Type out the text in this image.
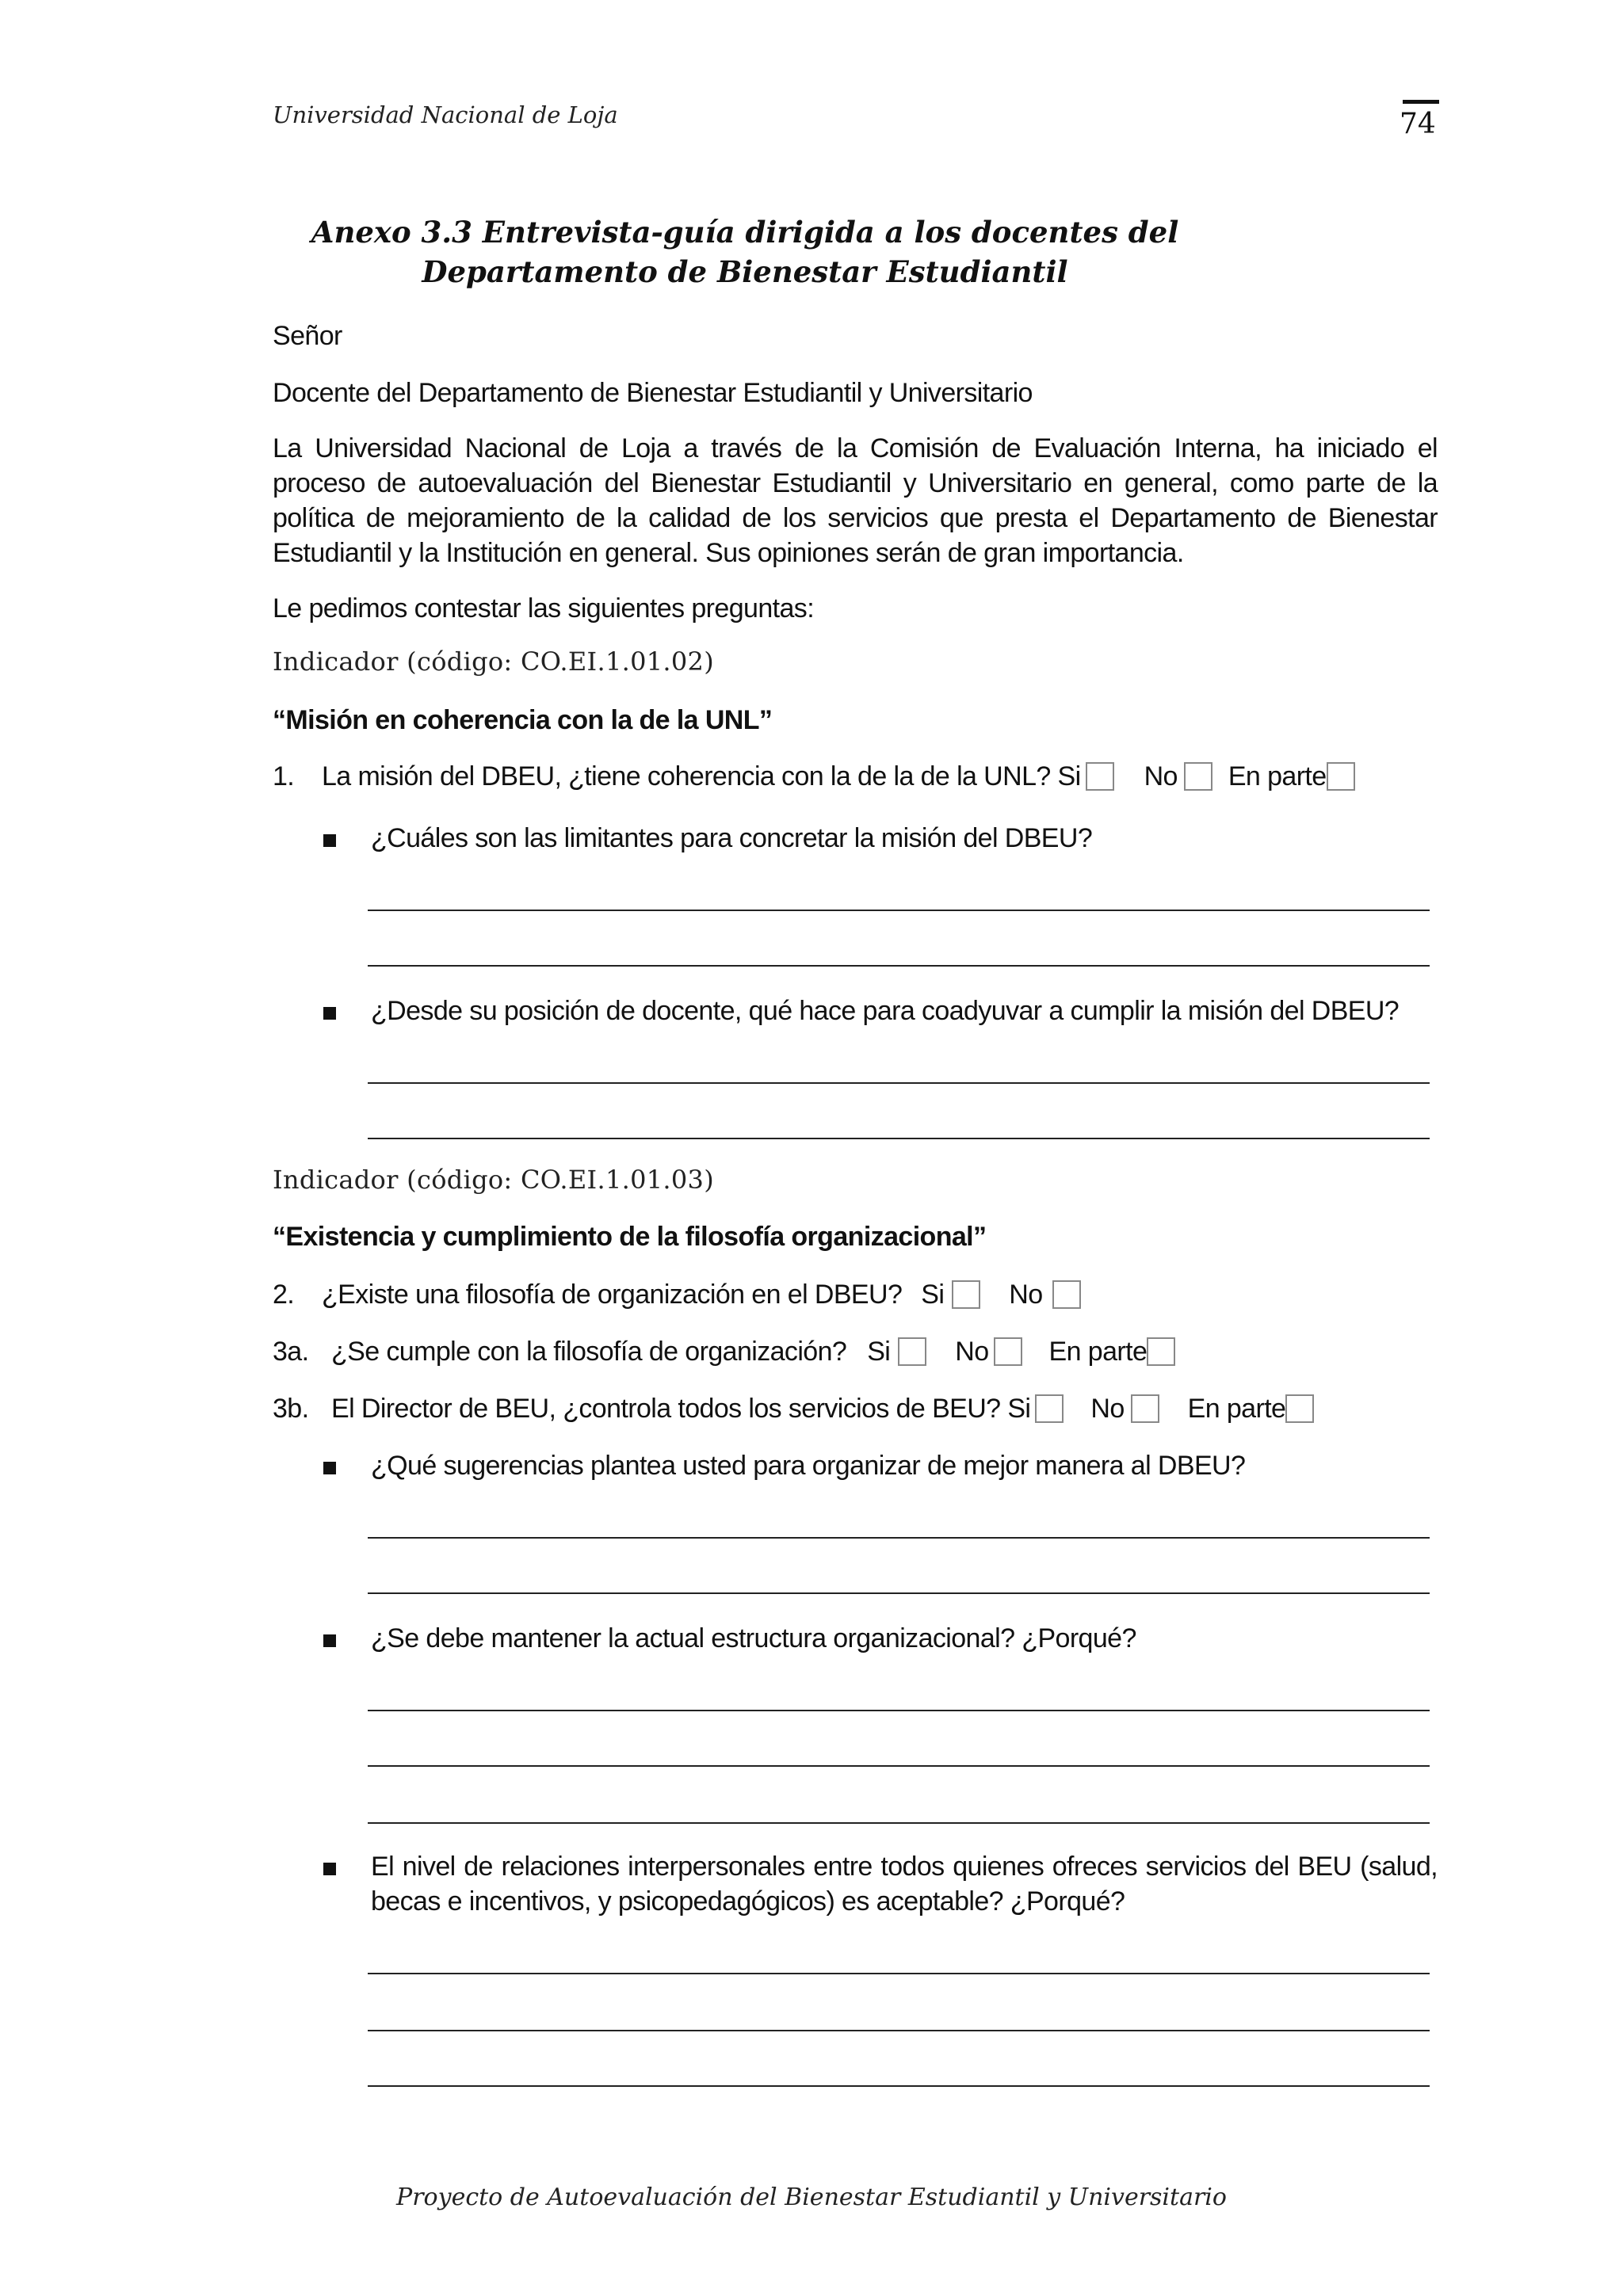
Universidad Nacional de Loja	74
Anexo 3.3 Entrevista-guía dirigida a los docentes del Departamento de Bienestar Estudiantil
Señor
Docente del Departamento de Bienestar Estudiantil y Universitario
La Universidad Nacional de Loja a través de la Comisión de Evaluación Interna, ha iniciado el proceso de autoevaluación del Bienestar Estudiantil y Universitario en general, como parte de la política de mejoramiento de la calidad de los servicios que presta el Departamento de Bienestar Estudiantil y la Institución en general. Sus opiniones serán de gran importancia.
Le pedimos contestar las siguientes preguntas:
Indicador (código: CO.EI.1.01.02)
“Misión en coherencia con la de la UNL”
1.	La misión del DBEU, ¿tiene coherencia con la de la de la UNL? Si No En parte
¿Cuáles son las limitantes para concretar la misión del DBEU?
¿Desde su posición de docente, qué hace para coadyuvar a cumplir la misión del DBEU?
Indicador (código: CO.EI.1.01.03)
“Existencia y cumplimiento de la filosofía organizacional”
2.	¿Existe una filosofía de organización en el DBEU? Si No
3a. ¿Se cumple con la filosofía de organización? Si No En parte
3b. El Director de BEU, ¿controla todos los servicios de BEU? Si No En parte
¿Qué sugerencias plantea usted para organizar de mejor manera al DBEU?
¿Se debe mantener la actual estructura organizacional? ¿Porqué?
El nivel de relaciones interpersonales entre todos quienes ofreces servicios del BEU (salud, becas e incentivos, y psicopedagógicos) es aceptable? ¿Porqué?
Proyecto de Autoevaluación del Bienestar Estudiantil y Universitario
